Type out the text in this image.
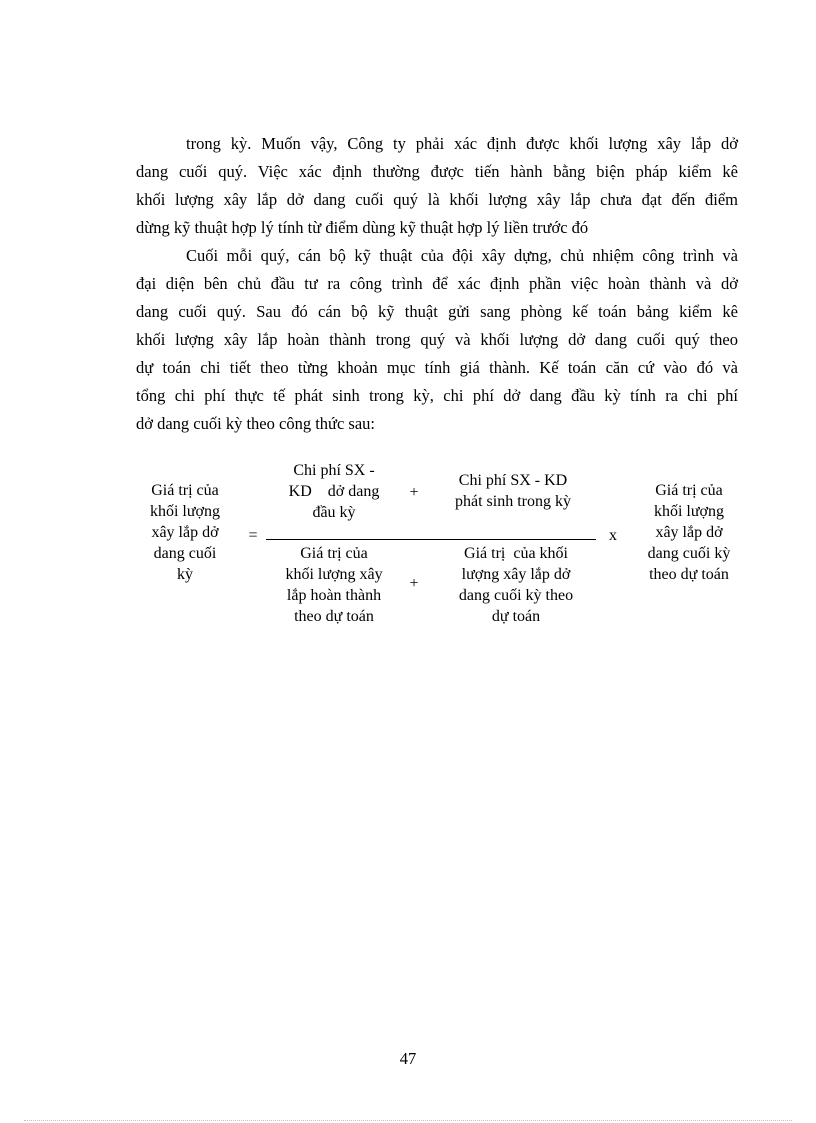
trong kỳ. Muốn vậy, Công ty phải xác định được khối lượng xây lắp dở
dang cuối quý. Việc xác định thường được tiến hành bằng biện pháp kiểm kê
khối lượng xây lắp dở dang cuối quý là khối lượng xây lắp chưa đạt đến điểm
dừng kỹ thuật hợp lý tính từ điểm dùng kỹ thuật hợp lý liền trước đó

Cuối mỗi quý, cán bộ kỹ thuật của đội xây dựng, chủ nhiệm công trình và
đại diện bên chủ đầu tư ra công trình để xác định phần việc hoàn thành và dở
dang cuối quý. Sau đó cán bộ kỹ thuật gửi sang phòng kế toán bảng kiểm kê
khối lượng xây lắp hoàn thành trong quý và khối lượng dở dang cuối quý theo
dự toán chi tiết theo từng khoản mục tính giá thành. Kế toán căn cứ vào đó và
tổng chi phí thực tế phát sinh trong kỳ, chi phí dở dang đầu kỳ tính ra chi phí
dở dang cuối kỳ theo công thức sau:

Giá trị của
khối lượng
xây lắp dở
dang cuối
kỳ
=
Chi phí SX -
KD    dở dang
đầu kỳ
+
Chi phí SX - KD
phát sinh trong kỳ
Giá trị của
khối lượng xây
lắp hoàn thành
theo dự toán
+
Giá trị  của khối
lượng xây lắp dở
dang cuối kỳ theo
dự toán
x
Giá trị của
khối lượng
xây lắp dở
dang cuối kỳ
theo dự toán
47
